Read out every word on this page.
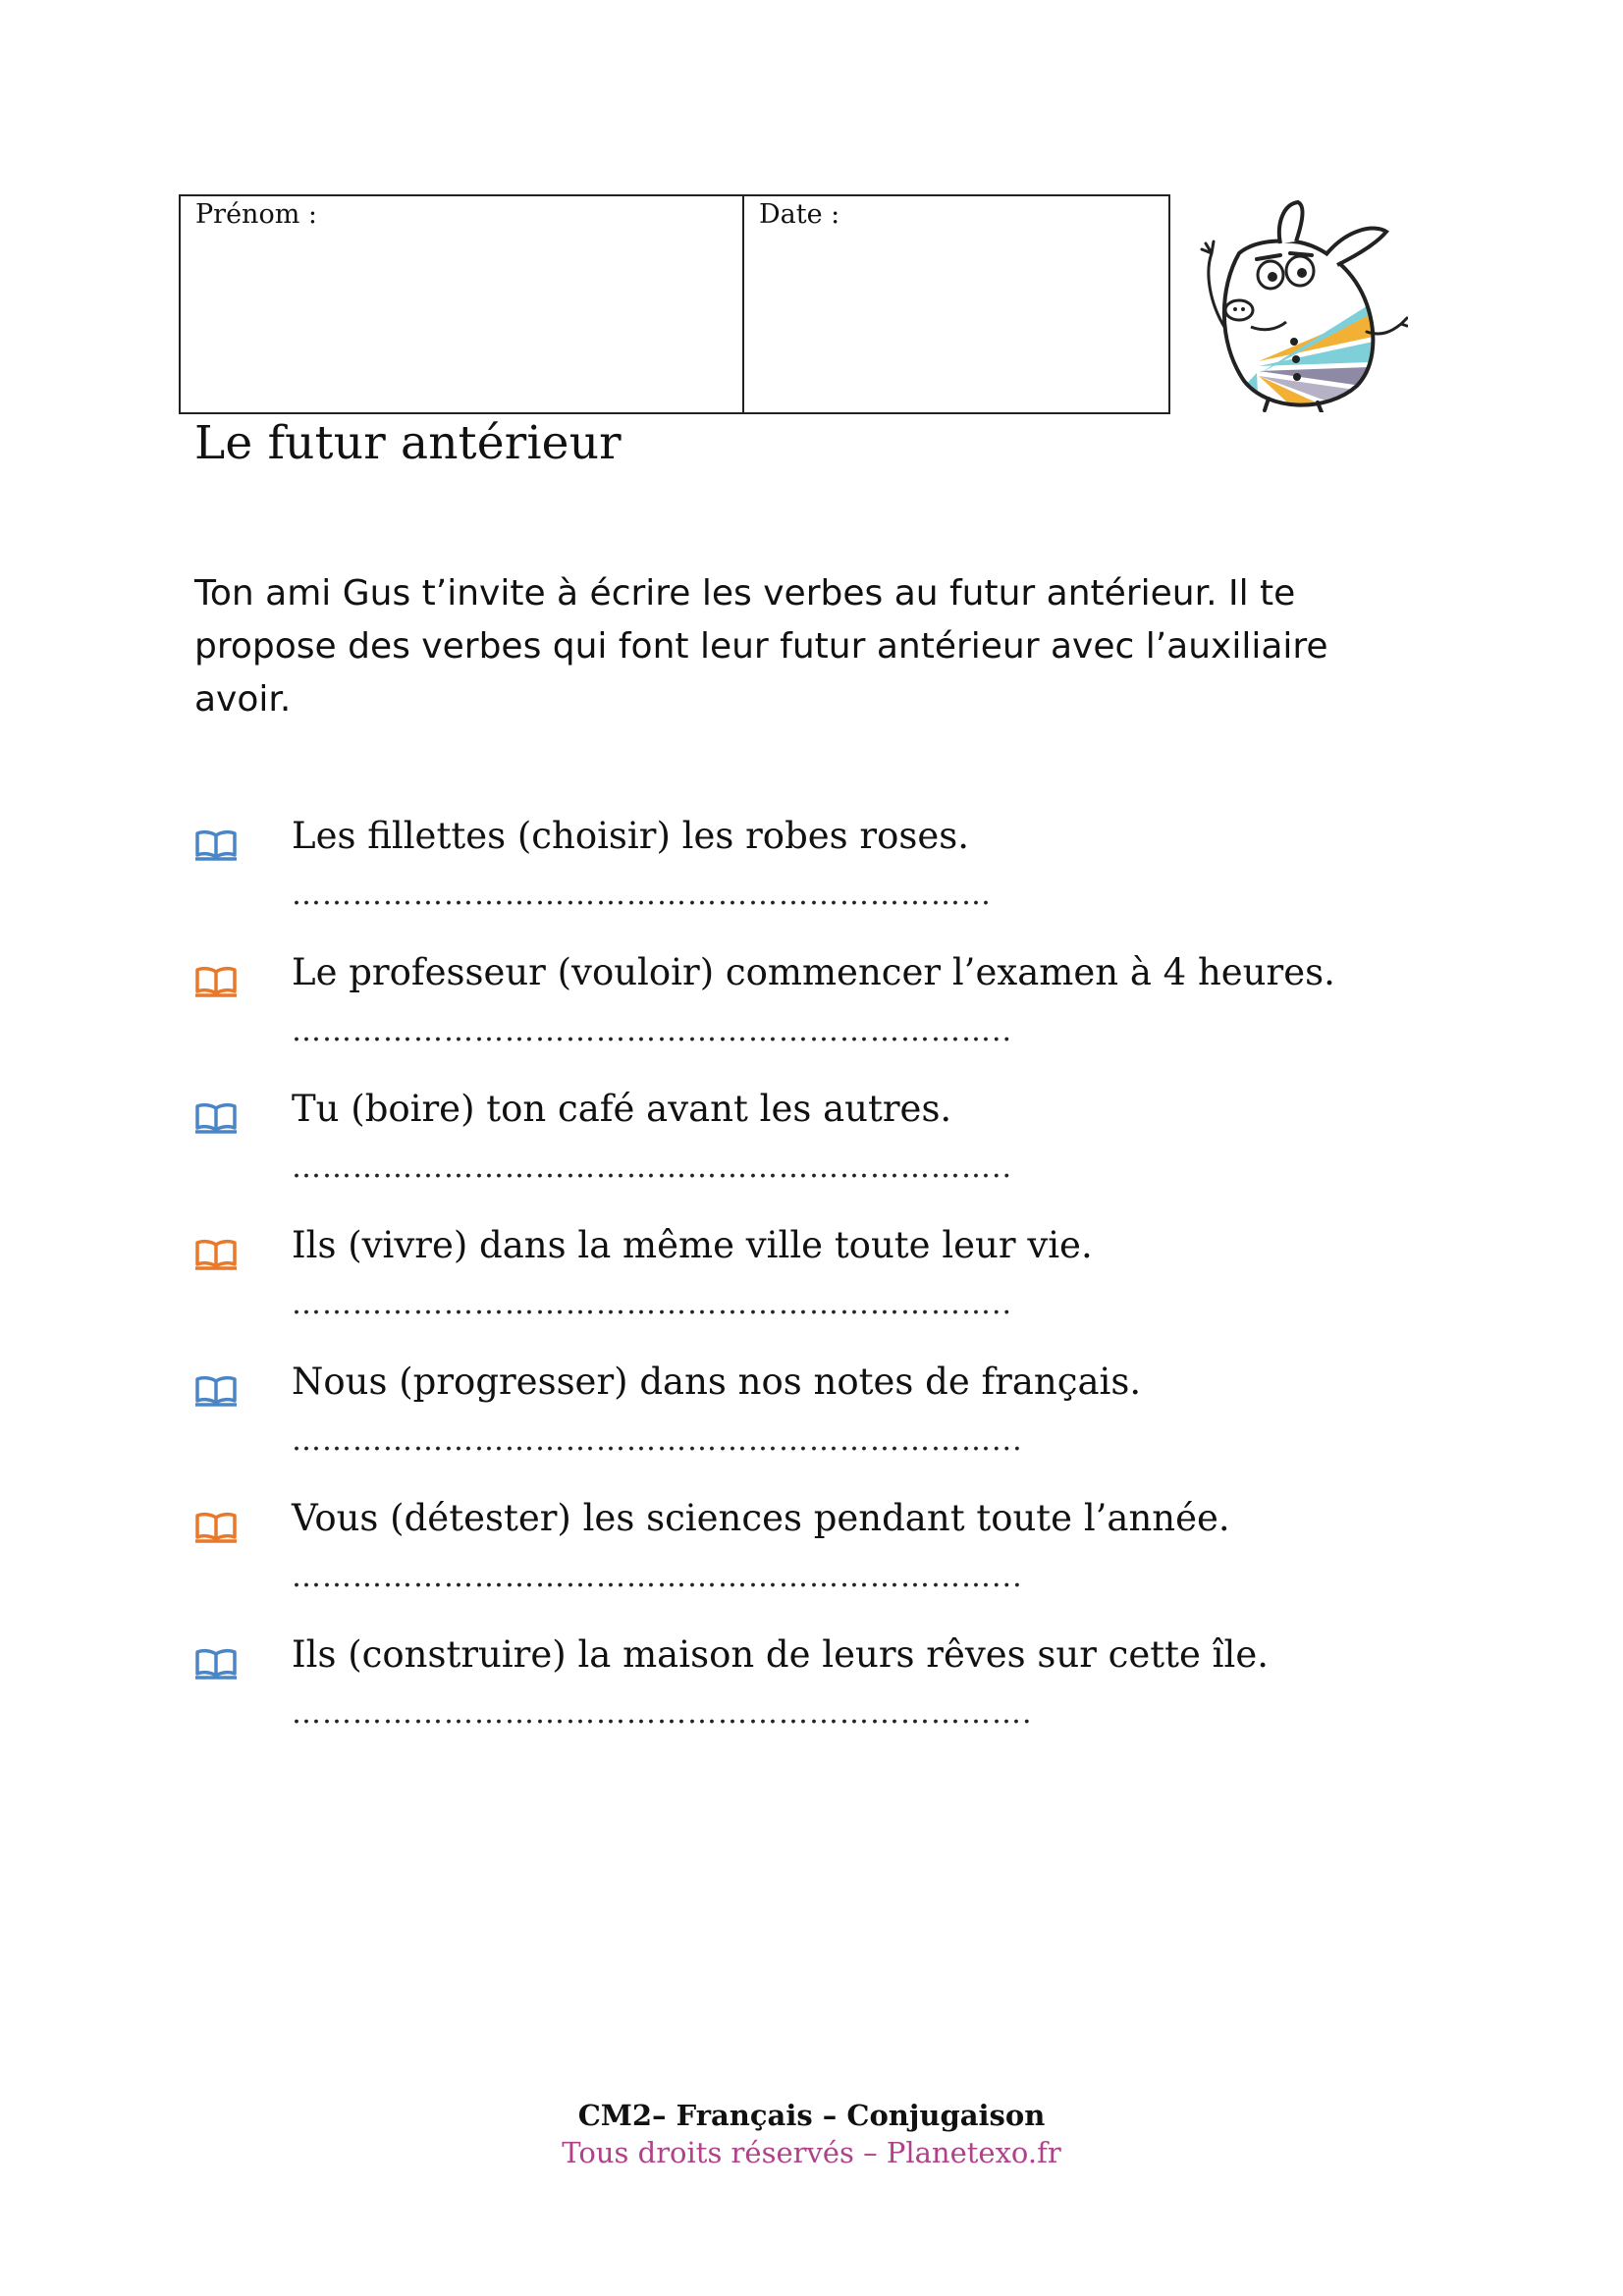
Prénom :	Date :
Le futur antérieur

Ton ami Gus t’invite à écrire les verbes au futur antérieur. Il te propose des verbes qui font leur futur antérieur avec l’auxiliaire avoir.

Les fillettes (choisir) les robes roses.
……………………………………………………………
Le professeur (vouloir) commencer l’examen à 4 heures.
……………………………………………………………..
Tu (boire) ton café avant les autres.
……………………………………………………………..
Ils (vivre) dans la même ville toute leur vie.
……………………………………………………………..
Nous (progresser) dans nos notes de français.
……………………………………………………………...
Vous (détester) les sciences pendant toute l’année.
……………………………………………………………...
Ils (construire) la maison de leurs rêves sur cette île.
……………………………………………………………….
CM2– Français – Conjugaison
Tous droits réservés – Planetexo.fr
